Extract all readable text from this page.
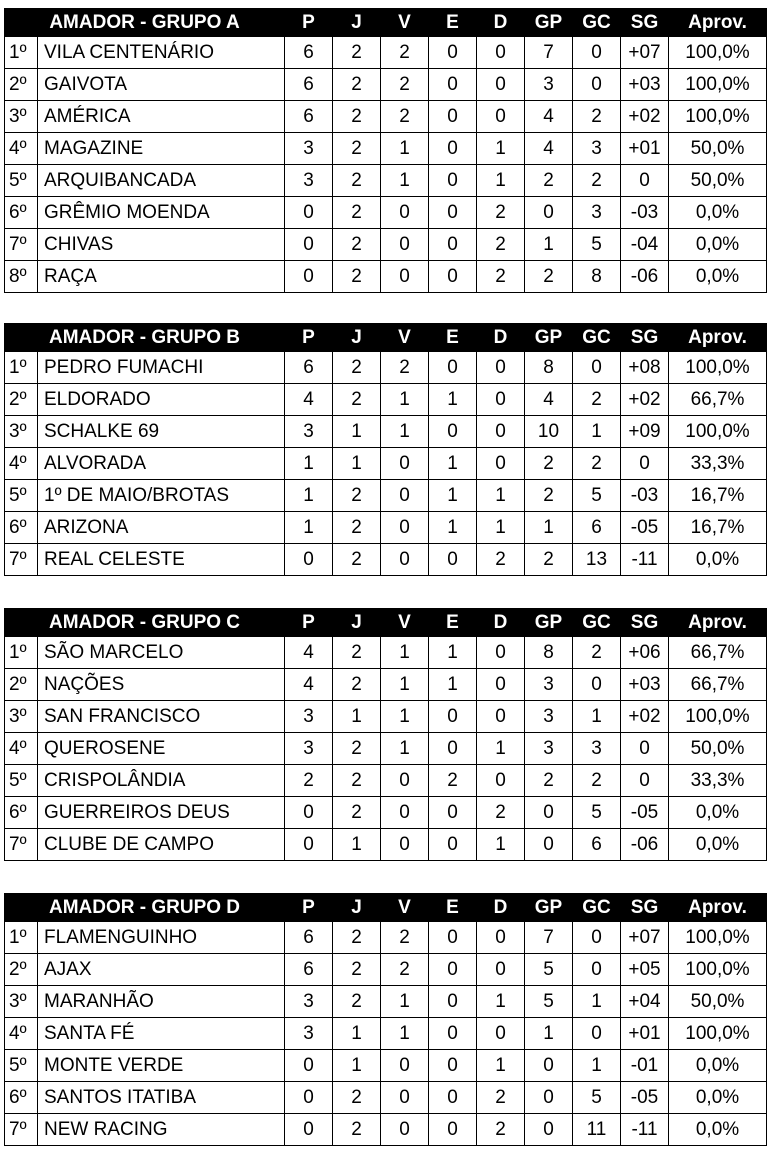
AMADOR - GRUPO A		P	J	V	E	D	GP	GC	SG	Aprov.
1º	VILA CENTENÁRIO	6	2	2	0	0	7	0	+07	100,0%
2º	GAIVOTA	6	2	2	0	0	3	0	+03	100,0%
3º	AMÉRICA	6	2	2	0	0	4	2	+02	100,0%
4º	MAGAZINE	3	2	1	0	1	4	3	+01	50,0%
5º	ARQUIBANCADA	3	2	1	0	1	2	2	0	50,0%
6º	GRÊMIO MOENDA	0	2	0	0	2	0	3	-03	0,0%
7º	CHIVAS	0	2	0	0	2	1	5	-04	0,0%
8º	RAÇA	0	2	0	0	2	2	8	-06	0,0%
AMADOR - GRUPO B		P	J	V	E	D	GP	GC	SG	Aprov.
1º	PEDRO FUMACHI	6	2	2	0	0	8	0	+08	100,0%
2º	ELDORADO	4	2	1	1	0	4	2	+02	66,7%
3º	SCHALKE 69	3	1	1	0	0	10	1	+09	100,0%
4º	ALVORADA	1	1	0	1	0	2	2	0	33,3%
5º	1º DE MAIO/BROTAS	1	2	0	1	1	2	5	-03	16,7%
6º	ARIZONA	1	2	0	1	1	1	6	-05	16,7%
7º	REAL CELESTE	0	2	0	0	2	2	13	-11	0,0%
AMADOR - GRUPO C		P	J	V	E	D	GP	GC	SG	Aprov.
1º	SÃO MARCELO	4	2	1	1	0	8	2	+06	66,7%
2º	NAÇÕES	4	2	1	1	0	3	0	+03	66,7%
3º	SAN FRANCISCO	3	1	1	0	0	3	1	+02	100,0%
4º	QUEROSENE	3	2	1	0	1	3	3	0	50,0%
5º	CRISPOLÂNDIA	2	2	0	2	0	2	2	0	33,3%
6º	GUERREIROS DEUS	0	2	0	0	2	0	5	-05	0,0%
7º	CLUBE DE CAMPO	0	1	0	0	1	0	6	-06	0,0%
AMADOR - GRUPO D		P	J	V	E	D	GP	GC	SG	Aprov.
1º	FLAMENGUINHO	6	2	2	0	0	7	0	+07	100,0%
2º	AJAX	6	2	2	0	0	5	0	+05	100,0%
3º	MARANHÃO	3	2	1	0	1	5	1	+04	50,0%
4º	SANTA FÉ	3	1	1	0	0	1	0	+01	100,0%
5º	MONTE VERDE	0	1	0	0	1	0	1	-01	0,0%
6º	SANTOS ITATIBA	0	2	0	0	2	0	5	-05	0,0%
7º	NEW RACING	0	2	0	0	2	0	11	-11	0,0%
